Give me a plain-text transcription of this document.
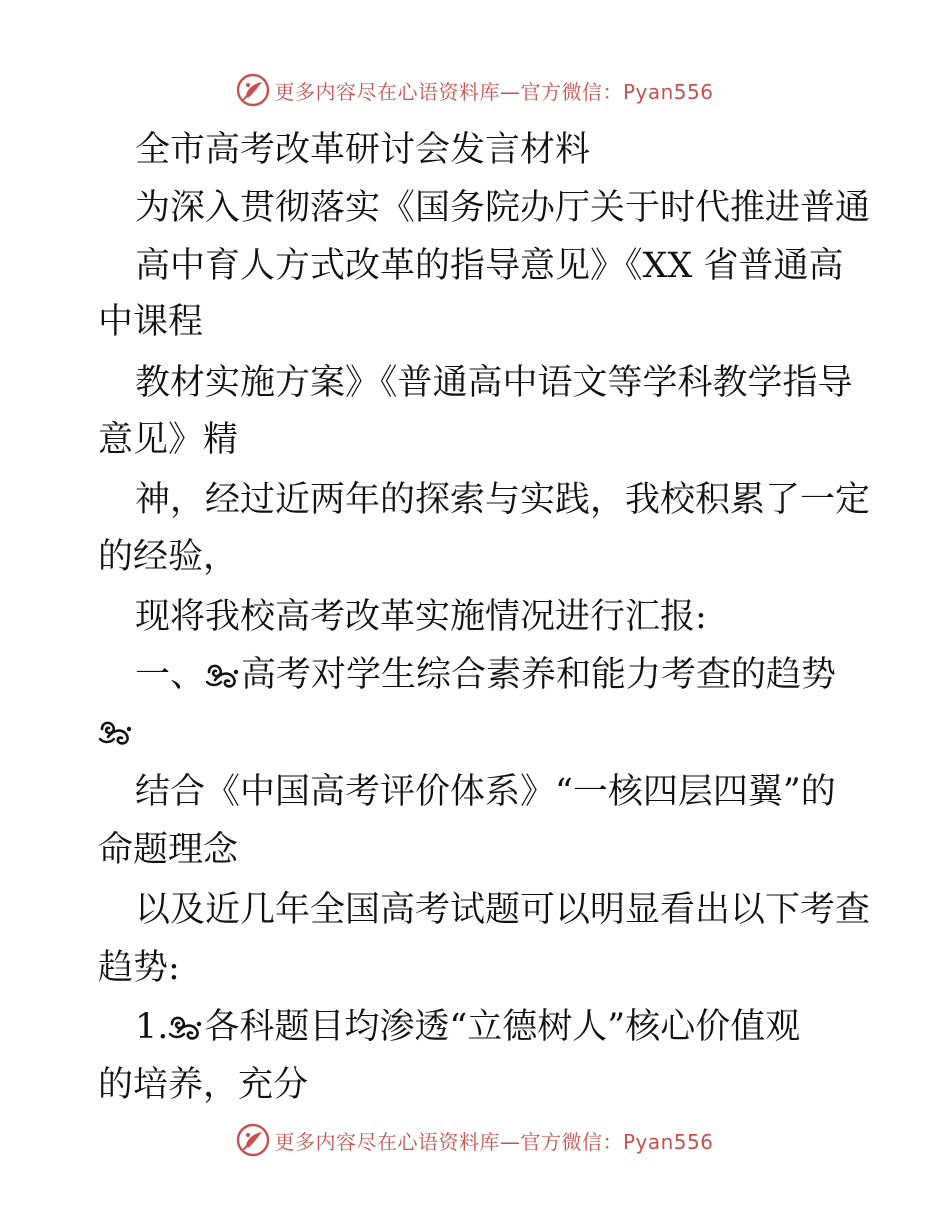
更多内容尽在心语资料库—官方微信：Pyan556
全市高考改革研讨会发言材料
为深入贯彻落实《国务院办厅关于时代推进普通
高中育人方式改革的指导意见》《XX 省普通高
中课程
教材实施方案》《普通高中语文等学科教学指导
意见》精
神，经过近两年的探索与实践，我校积累了一定
的经验，
现将我校高考改革实施情况进行汇报:
一、 高考对学生综合素养和能力考查的趋势
结合《中国高考评价体系》“一核四层四翼”的
命题理念
以及近几年全国高考试题可以明显看出以下考查
趋势:
1. 各科题目均渗透“立德树人”核心价值观
的培养，充分
更多内容尽在心语资料库—官方微信：Pyan556
